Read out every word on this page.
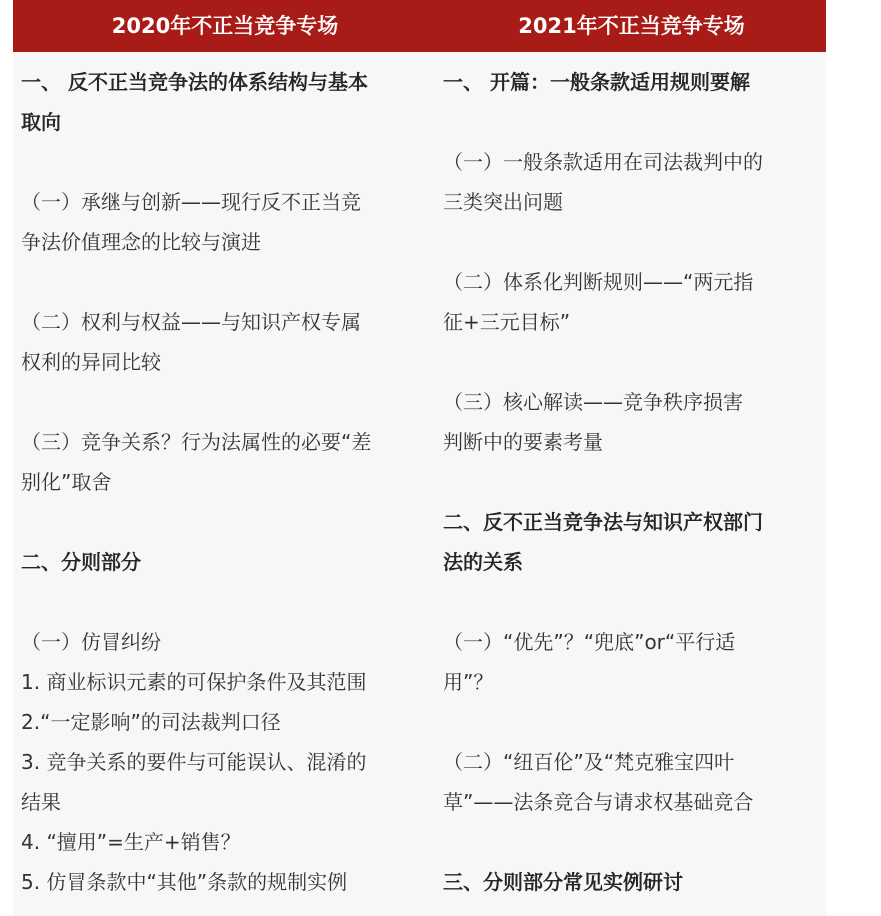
2020年不正当竞争专场	2021年不正当竞争专场
一、 反不正当竞争法的体系结构与基本
取向
（一）承继与创新——现行反不正当竞
争法价值理念的比较与演进
（二）权利与权益——与知识产权专属
权利的异同比较
（三）竞争关系？行为法属性的必要“差
别化”取舍
二、分则部分
（一）仿冒纠纷
1. 商业标识元素的可保护条件及其范围
2.“一定影响”的司法裁判口径
3. 竞争关系的要件与可能误认、混淆的
结果
4. “擅用”=生产+销售？
5. 仿冒条款中“其他”条款的规制实例
一、 开篇：一般条款适用规则要解
（一）一般条款适用在司法裁判中的
三类突出问题
（二）体系化判断规则——“两元指
征+三元目标”
（三）核心解读——竞争秩序损害
判断中的要素考量
二、反不正当竞争法与知识产权部门
法的关系
（一）“优先”？“兜底”or“平行适
用”？
（二）“纽百伦”及“梵克雅宝四叶
草”——法条竞合与请求权基础竞合
三、分则部分常见实例研讨
